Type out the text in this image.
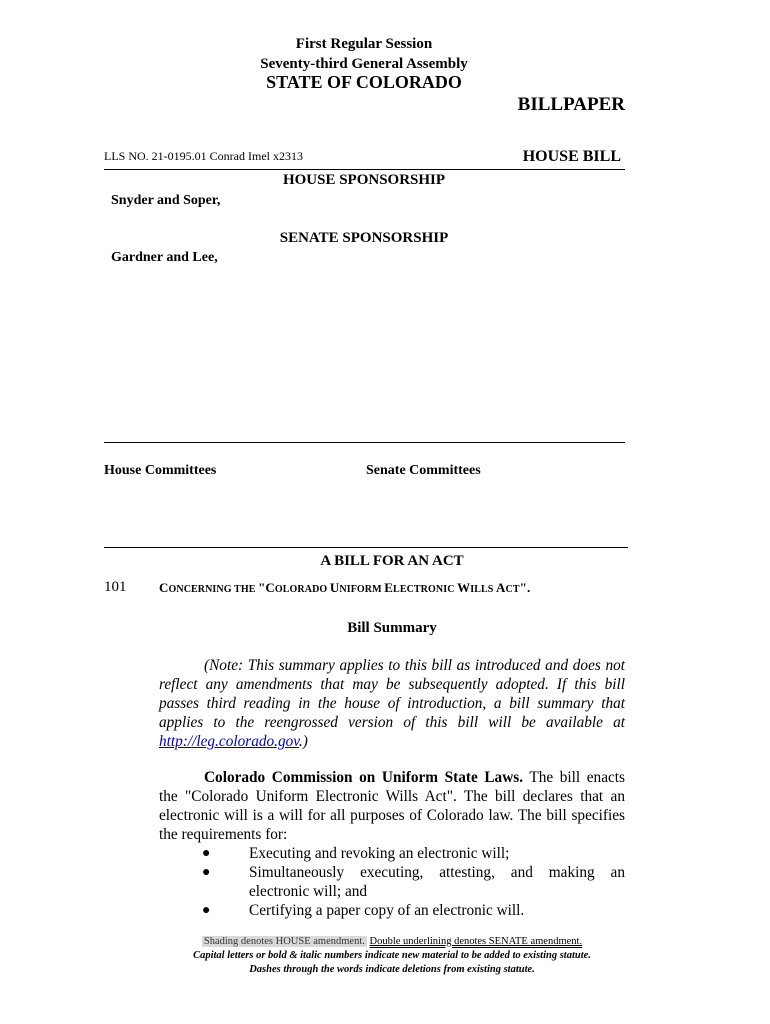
First Regular Session
Seventy-third General Assembly
STATE OF COLORADO
BILLPAPER
LLS NO. 21-0195.01 Conrad Imel x2313	HOUSE BILL
HOUSE SPONSORSHIP
Snyder and Soper,
SENATE SPONSORSHIP
Gardner and Lee,
House Committees	Senate Committees
A BILL FOR AN ACT
101	CONCERNING THE "COLORADO UNIFORM ELECTRONIC WILLS ACT".
Bill Summary
(Note: This summary applies to this bill as introduced and does not reflect any amendments that may be subsequently adopted. If this bill passes third reading in the house of introduction, a bill summary that applies to the reengrossed version of this bill will be available at http://leg.colorado.gov.)
Colorado Commission on Uniform State Laws. The bill enacts the "Colorado Uniform Electronic Wills Act". The bill declares that an electronic will is a will for all purposes of Colorado law. The bill specifies the requirements for:
●	Executing and revoking an electronic will;
●	Simultaneously executing, attesting, and making an electronic will; and
●	Certifying a paper copy of an electronic will.
Shading denotes HOUSE amendment. Double underlining denotes SENATE amendment.
Capital letters or bold & italic numbers indicate new material to be added to existing statute.
Dashes through the words indicate deletions from existing statute.
